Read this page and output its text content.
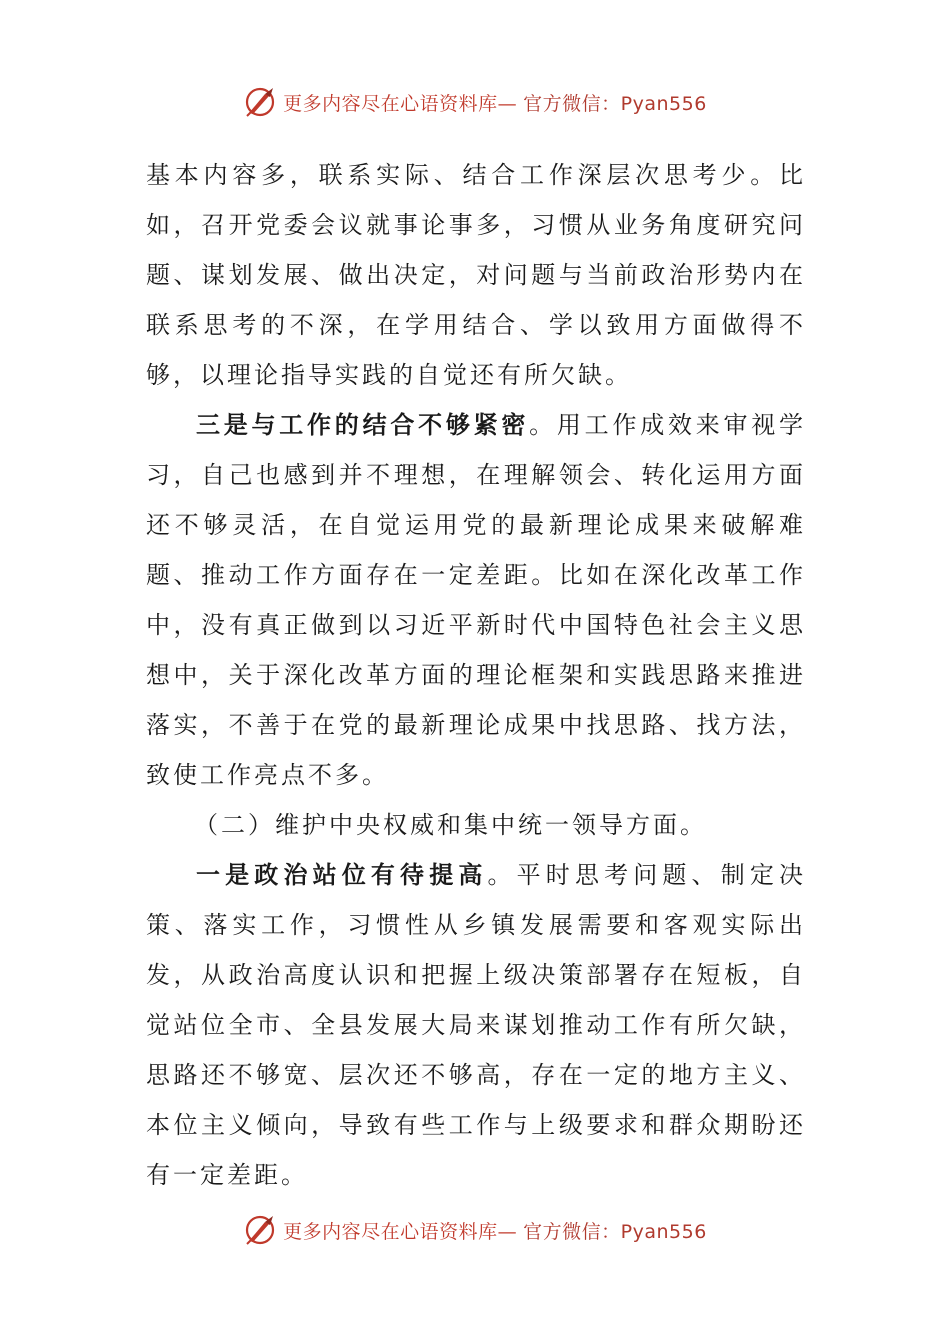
更多内容尽在心语资料库— 官方微信：Pyan556

基本内容多，联系实际、结合工作深层次思考少。比如，召开党委会议就事论事多，习惯从业务角度研究问题、谋划发展、做出决定，对问题与当前政治形势内在联系思考的不深，在学用结合、学以致用方面做得不够，以理论指导实践的自觉还有所欠缺。

三是与工作的结合不够紧密。用工作成效来审视学习，自己也感到并不理想，在理解领会、转化运用方面还不够灵活，在自觉运用党的最新理论成果来破解难题、推动工作方面存在一定差距。比如在深化改革工作中，没有真正做到以习近平新时代中国特色社会主义思想中，关于深化改革方面的理论框架和实践思路来推进落实，不善于在党的最新理论成果中找思路、找方法，致使工作亮点不多。

（二）维护中央权威和集中统一领导方面。

一是政治站位有待提高。平时思考问题、制定决策、落实工作，习惯性从乡镇发展需要和客观实际出发，从政治高度认识和把握上级决策部署存在短板，自觉站位全市、全县发展大局来谋划推动工作有所欠缺，思路还不够宽、层次还不够高，存在一定的地方主义、本位主义倾向，导致有些工作与上级要求和群众期盼还有一定差距。

更多内容尽在心语资料库— 官方微信：Pyan556
